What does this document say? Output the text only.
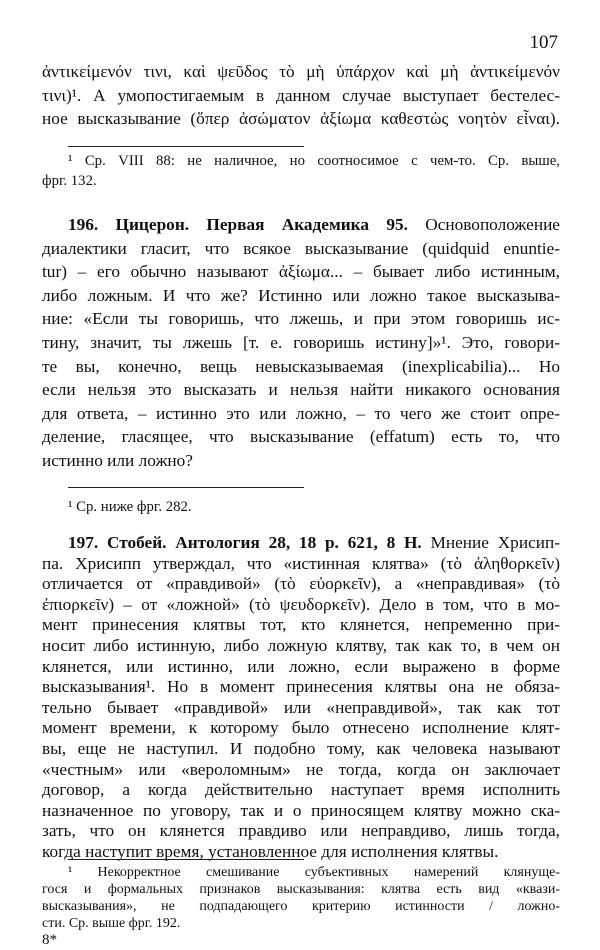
107
ἀντικείμενόν τινι, καὶ ψεῦδος τὸ μὴ ὑπάρχον καὶ μὴ ἀντικείμενόν
τινι)¹. А умопостигаемым в данном случае выступает бестелес-
ное высказывание (ὅπερ ἀσώματον ἀξίωμα καθεστὼς νοητὸν εἶναι).
¹ Ср. VIII 88: не наличное, но соотносимое с чем-то. Ср. выше,
фрг. 132.
196. Цицерон. Первая Академика 95. Основоположение
диалектики гласит, что всякое высказывание (quidquid enuntie-
tur) – его обычно называют ἀξίωμα... – бывает либо истинным,
либо ложным. И что же? Истинно или ложно такое высказыва-
ние: «Если ты говоришь, что лжешь, и при этом говоришь ис-
тину, значит, ты лжешь [т. е. говоришь истину]»¹. Это, говори-
те вы, конечно, вещь невысказываемая (inexplicabilia)... Но
если нельзя это высказать и нельзя найти никакого основания
для ответа, – истинно это или ложно, – то чего же стоит опре-
деление, гласящее, что высказывание (effatum) есть то, что
истинно или ложно?
¹ Ср. ниже фрг. 282.
197. Стобей. Антология 28, 18 p. 621, 8 H. Мнение Хрисип-
па. Хрисипп утверждал, что «истинная клятва» (τὸ ἀληθορκεῖν)
отличается от «правдивой» (τὸ εὐορκεῖν), а «неправдивая» (τὸ
ἐπιορκεῖν) – от «ложной» (τὸ ψευδορκεῖν). Дело в том, что в мо-
мент принесения клятвы тот, кто клянется, непременно при-
носит либо истинную, либо ложную клятву, так как то, в чем он
клянется, или истинно, или ложно, если выражено в форме
высказывания¹. Но в момент принесения клятвы она не обяза-
тельно бывает «правдивой» или «неправдивой», так как тот
момент времени, к которому было отнесено исполнение клят-
вы, еще не наступил. И подобно тому, как человека называют
«честным» или «вероломным» не тогда, когда он заключает
договор, а когда действительно наступает время исполнить
назначенное по уговору, так и о приносящем клятву можно ска-
зать, что он клянется правдиво или неправдиво, лишь тогда,
когда наступит время, установленное для исполнения клятвы.
¹ Некорректное смешивание субъективных намерений клянуще-
гося и формальных признаков высказывания: клятва есть вид «квази-
высказывания», не подпадающего критерию истинности / ложно-
сти. Ср. выше фрг. 192.
8*
